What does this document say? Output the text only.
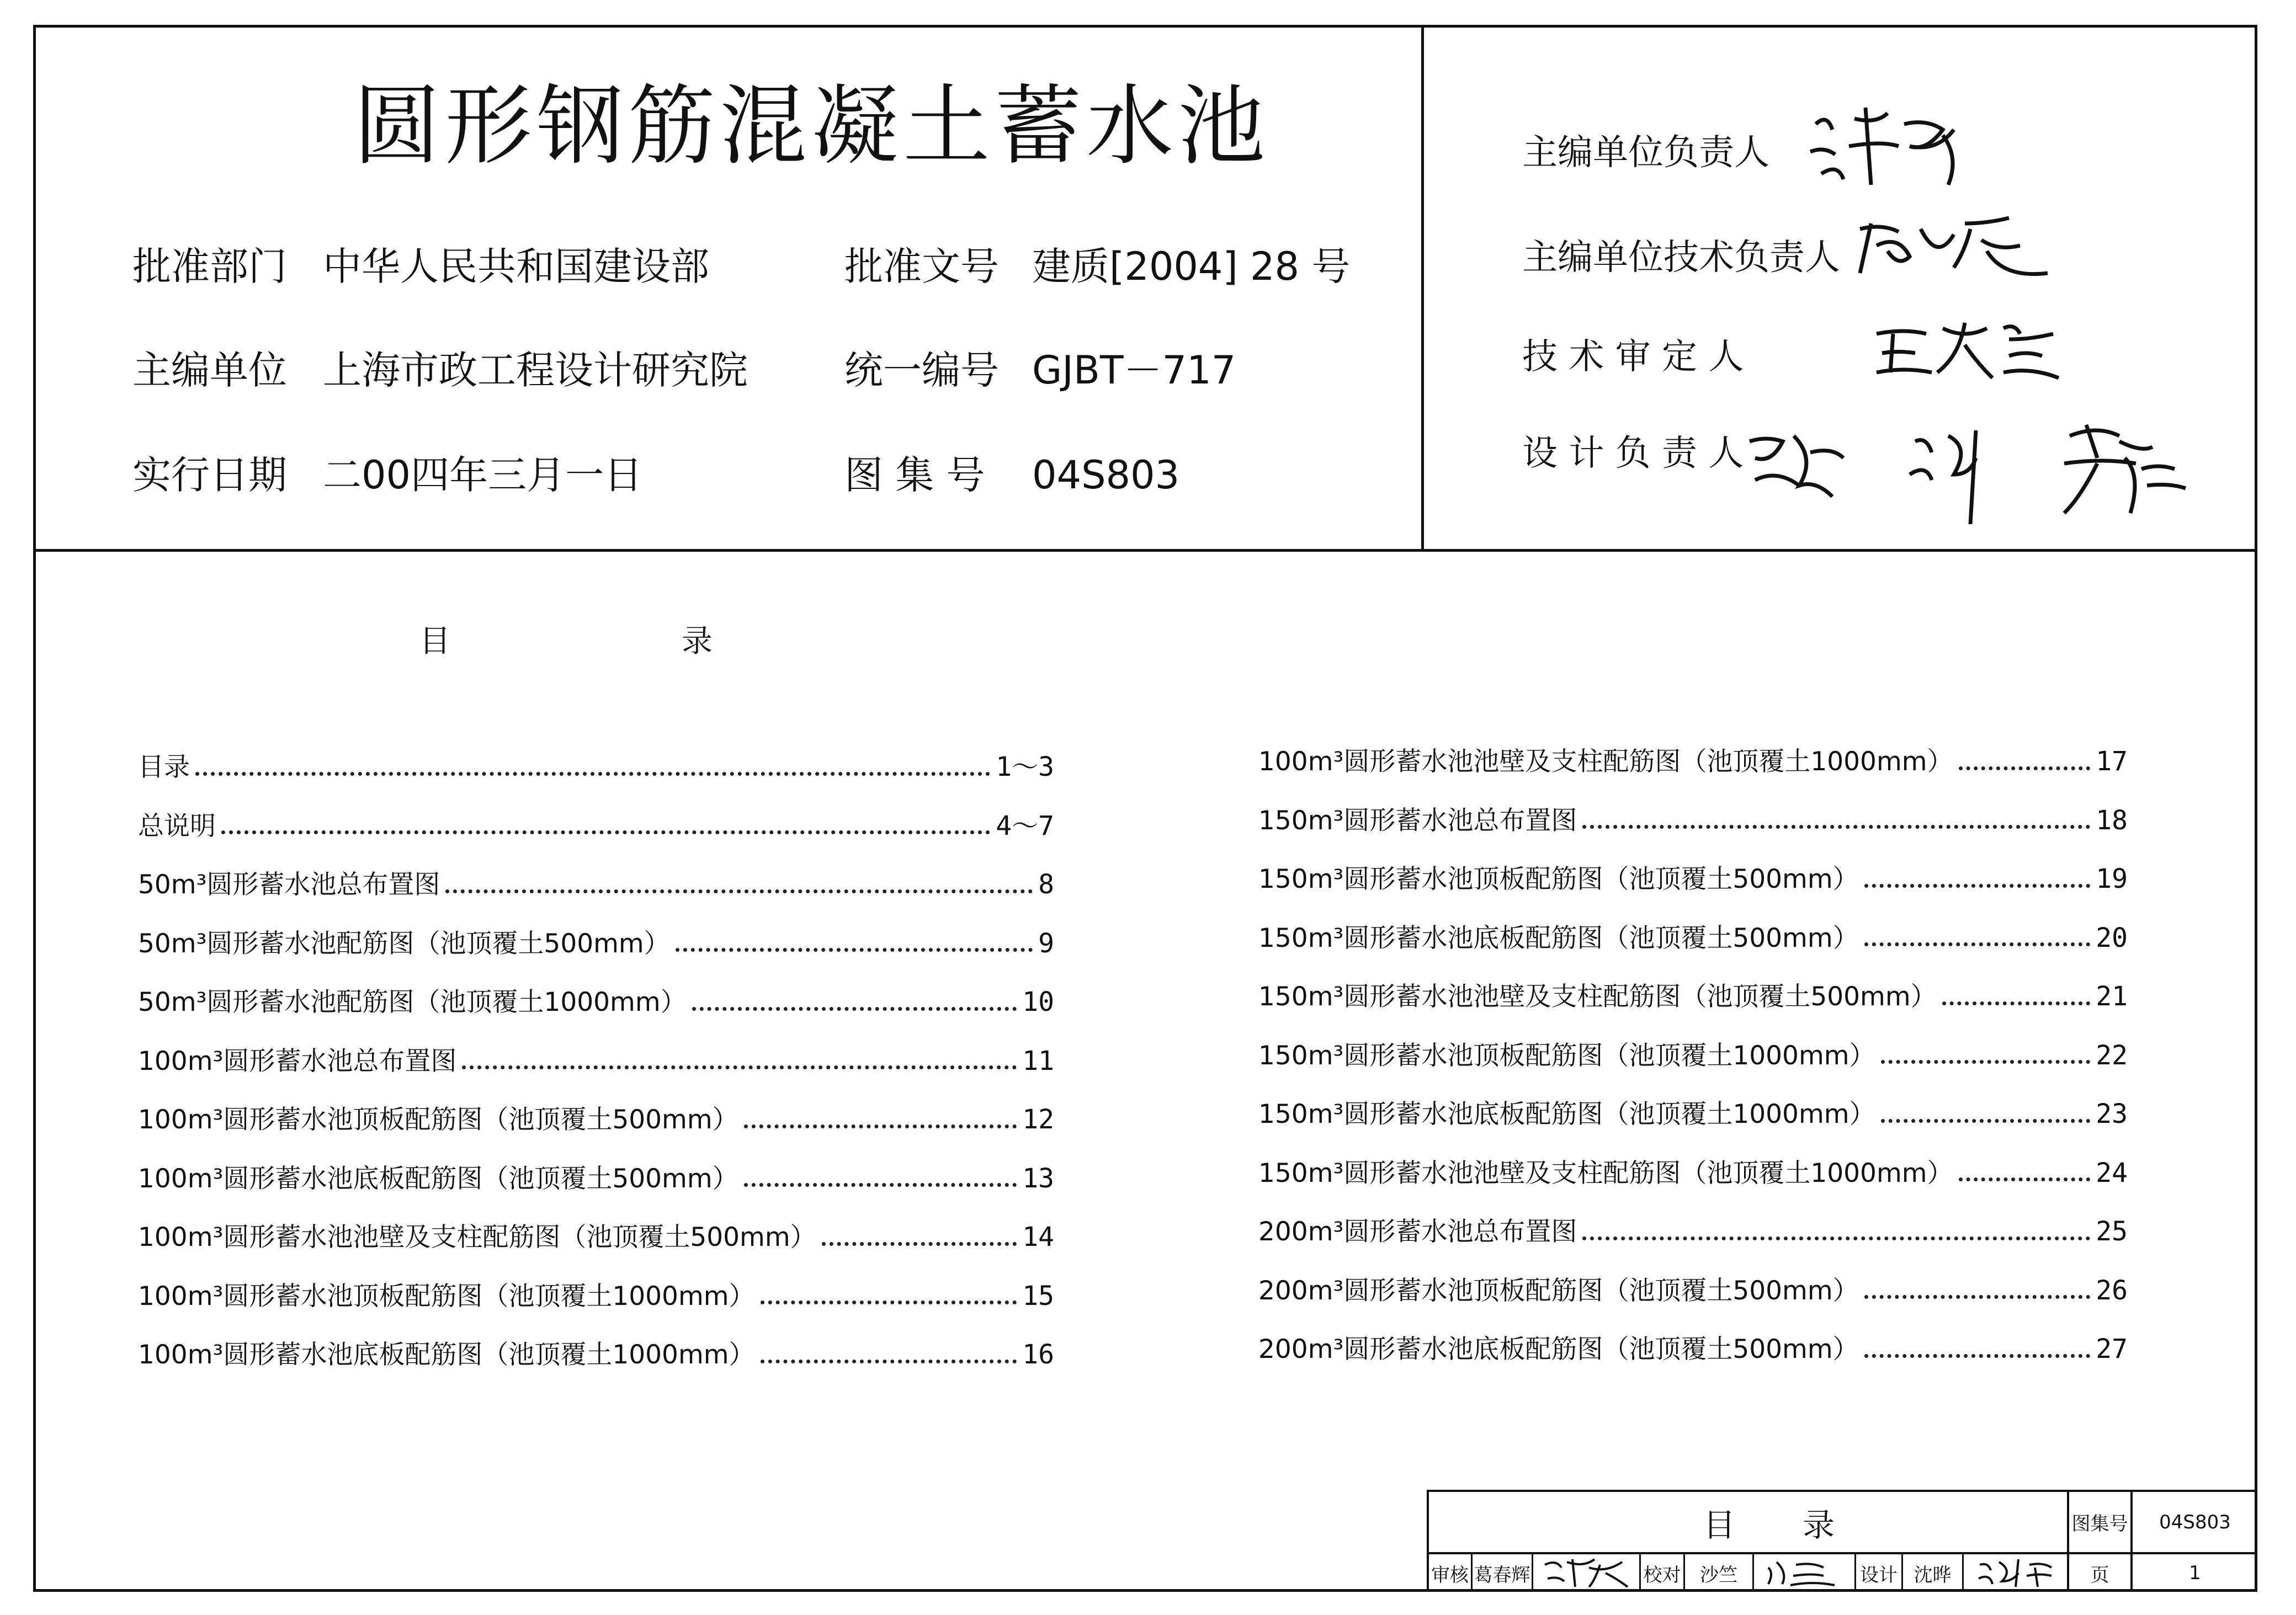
圆形钢筋混凝土蓄水池
批准部门 中华人民共和国建设部	批准文号 建质[2004] 28 号
主编单位 上海市政工程设计研究院	统一编号 GJBT－717
实行日期 二00四年三月一日	图 集 号 04S803
主编单位负责人
主编单位技术负责人
技 术 审 定 人
设 计 负 责 人
目	录
目录	1～3
总说明	4～7
50m³圆形蓄水池总布置图	8
50m³圆形蓄水池配筋图（池顶覆土500mm）	9
50m³圆形蓄水池配筋图（池顶覆土1000mm）	10
100m³圆形蓄水池总布置图	11
100m³圆形蓄水池顶板配筋图（池顶覆土500mm）	12
100m³圆形蓄水池底板配筋图（池顶覆土500mm）	13
100m³圆形蓄水池池壁及支柱配筋图（池顶覆土500mm）	14
100m³圆形蓄水池顶板配筋图（池顶覆土1000mm）	15
100m³圆形蓄水池底板配筋图（池顶覆土1000mm）	16
100m³圆形蓄水池池壁及支柱配筋图（池顶覆土1000mm）	17
150m³圆形蓄水池总布置图	18
150m³圆形蓄水池顶板配筋图（池顶覆土500mm）	19
150m³圆形蓄水池底板配筋图（池顶覆土500mm）	20
150m³圆形蓄水池池壁及支柱配筋图（池顶覆土500mm）	21
150m³圆形蓄水池顶板配筋图（池顶覆土1000mm）	22
150m³圆形蓄水池底板配筋图（池顶覆土1000mm）	23
150m³圆形蓄水池池壁及支柱配筋图（池顶覆土1000mm）	24
200m³圆形蓄水池总布置图	25
200m³圆形蓄水池顶板配筋图（池顶覆土500mm）	26
200m³圆形蓄水池底板配筋图（池顶覆土500mm）	27
目	录	图集号	04S803
审核 葛春辉	校对	沙竺	设计 沈晔	页	1
